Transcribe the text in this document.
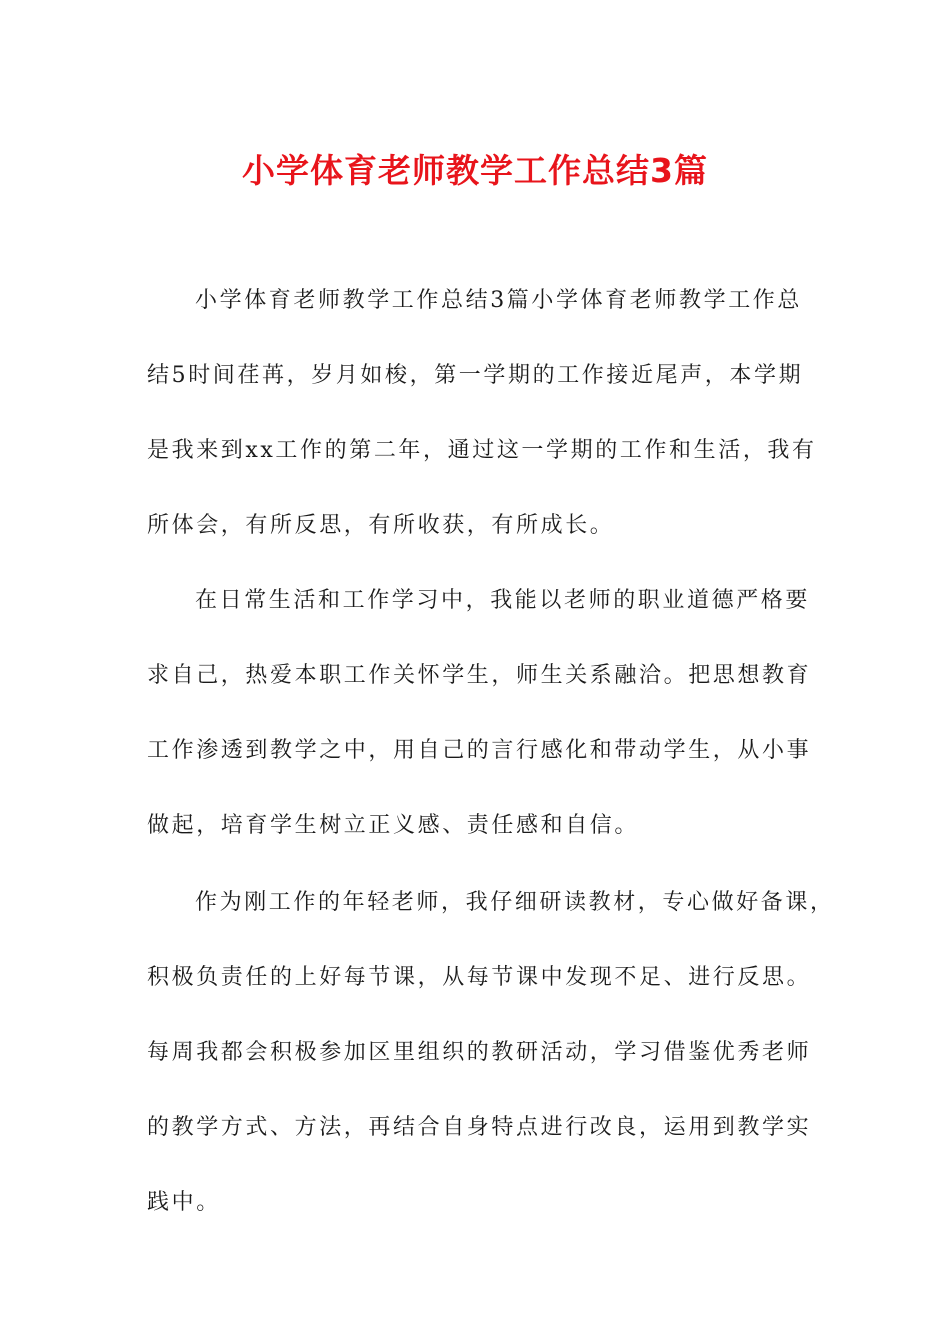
小学体育老师教学工作总结3篇
小学体育老师教学工作总结3篇小学体育老师教学工作总
结5时间荏苒，岁月如梭，第一学期的工作接近尾声，本学期
是我来到xx工作的第二年，通过这一学期的工作和生活，我有
所体会，有所反思，有所收获，有所成长。
在日常生活和工作学习中，我能以老师的职业道德严格要
求自己，热爱本职工作关怀学生，师生关系融洽。把思想教育
工作渗透到教学之中，用自己的言行感化和带动学生，从小事
做起，培育学生树立正义感、责任感和自信。
作为刚工作的年轻老师，我仔细研读教材，专心做好备课，
积极负责任的上好每节课，从每节课中发现不足、进行反思。
每周我都会积极参加区里组织的教研活动，学习借鉴优秀老师
的教学方式、方法，再结合自身特点进行改良，运用到教学实
践中。
